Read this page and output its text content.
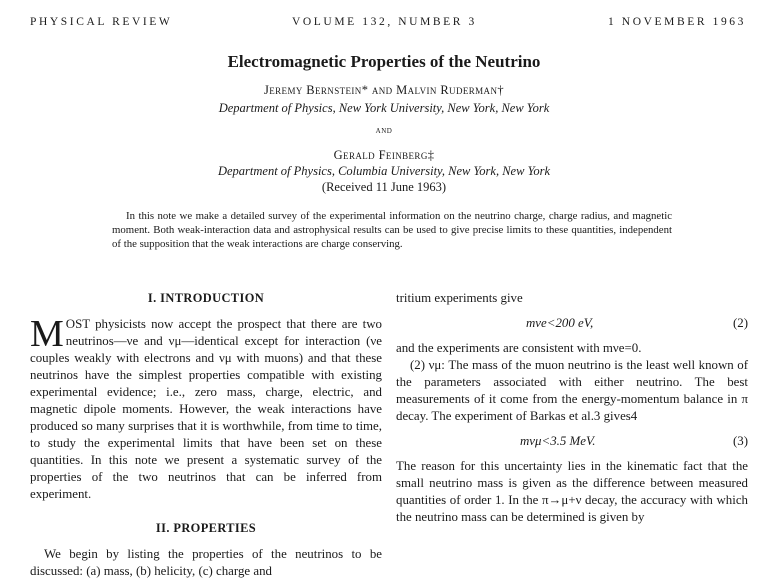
PHYSICAL REVIEW	VOLUME 132, NUMBER 3	1 NOVEMBER 1963
Electromagnetic Properties of the Neutrino
Jeremy Bernstein* and Malvin Ruderman†
Department of Physics, New York University, New York, New York
and
Gerald Feinberg‡
Department of Physics, Columbia University, New York, New York
(Received 11 June 1963)

In this note we make a detailed survey of the experimental information on the neutrino charge, charge radius, and magnetic moment. Both weak-interaction data and astrophysical results can be used to give precise limits to these quantities, independent of the supposition that the weak interactions are charge conserving.

I. INTRODUCTION

MOST physicists now accept the prospect that there are two neutrinos—νe and νμ—identical except for interaction (νe couples weakly with electrons and νμ with muons) and that these neutrinos have the simplest properties compatible with existing experimental evidence; i.e., zero mass, charge, electric, and magnetic dipole moments. However, the weak interactions have produced so many surprises that it is worthwhile, from time to time, to study the experimental limits that have been set on these quantities. In this note we present a systematic survey of the properties of the two neutrinos that can be inferred from experiment.

II. PROPERTIES

We begin by listing the properties of the neutrinos to be discussed: (a) mass, (b) helicity, (c) charge and

tritium experiments give

mνe<200 eV,	(2)

and the experiments are consistent with mνe=0.

(2) νμ: The mass of the muon neutrino is the least well known of the parameters associated with either neutrino. The best measurements of it come from the energy-momentum balance in π decay. The experiment of Barkas et al.3 gives4

mνμ<3.5 MeV.	(3)

The reason for this uncertainty lies in the kinematic fact that the small neutrino mass is given as the difference between measured quantities of order 1. In the π→μ+ν decay, the accuracy with which the neutrino mass can be determined is given by
